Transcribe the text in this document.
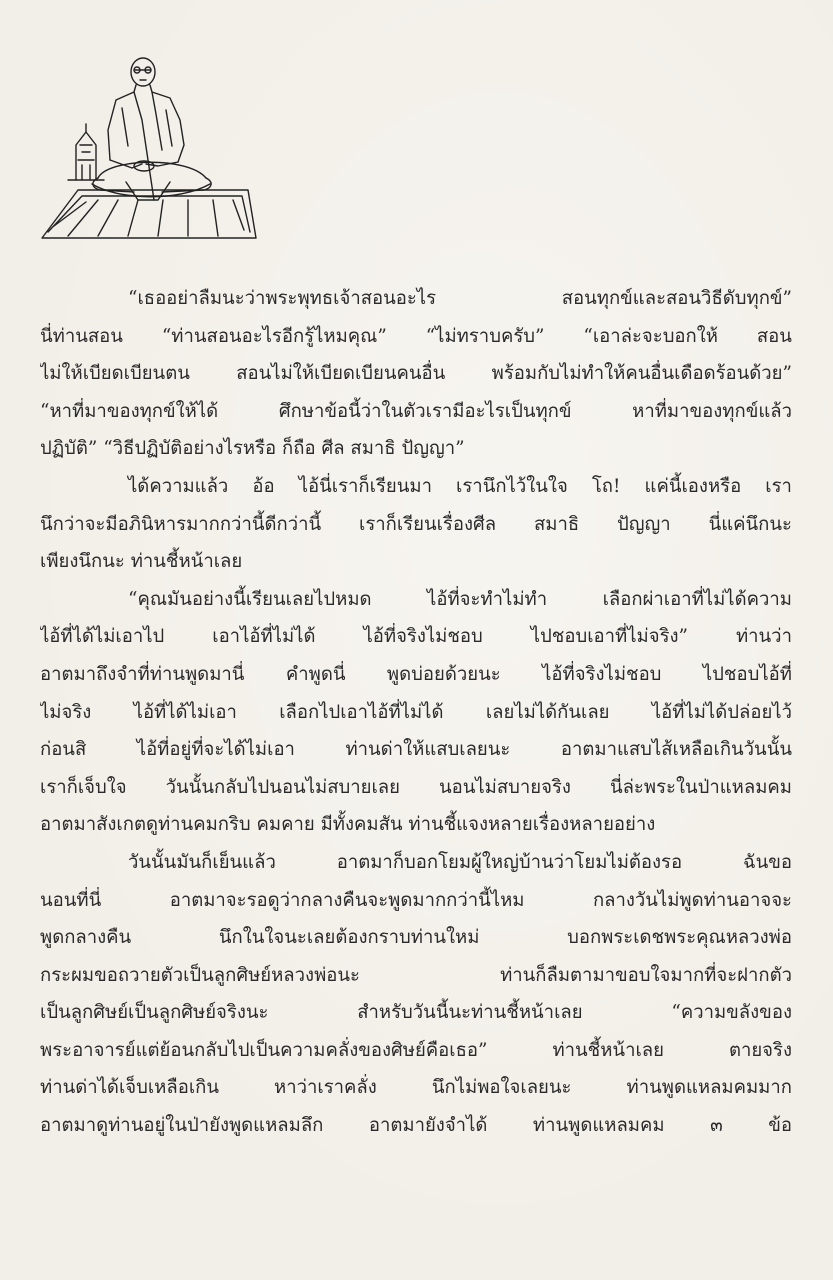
“เธออย่าลืมนะว่าพระพุทธเจ้าสอนอะไร	สอนทุกข์และสอนวิธีดับทุกข์”
นี่ท่านสอน “ท่านสอนอะไรอีกรู้ไหมคุณ” “ไม่ทราบครับ” “เอาล่ะจะบอกให้ สอน
ไม่ให้เบียดเบียนตน	สอนไม่ให้เบียดเบียนคนอื่น	พร้อมกับไม่ทำให้คนอื่นเดือดร้อนด้วย”
“หาที่มาของทุกข์ให้ได้	ศึกษาข้อนี้ว่าในตัวเรามีอะไรเป็นทุกข์	หาที่มาของทุกข์แล้ว
ปฏิบัติ” “วิธีปฏิบัติอย่างไรหรือ ก็ถือ ศีล สมาธิ ปัญญา”
ได้ความแล้ว อ้อ ไอ้นี่เราก็เรียนมา เรานึกไว้ในใจ โถ! แค่นี้เองหรือ เรา
นึกว่าจะมีอภินิหารมากกว่านี้ดีกว่านี้ เราก็เรียนเรื่องศีล สมาธิ ปัญญา นี่แค่นึกนะ
เพียงนึกนะ ท่านชี้หน้าเลย
“คุณมันอย่างนี้เรียนเลยไปหมด	ไอ้ที่จะทำไม่ทำ	เลือกผ่าเอาที่ไม่ได้ความ
ไอ้ที่ได้ไม่เอาไป	เอาไอ้ที่ไม่ได้	ไอ้ที่จริงไม่ชอบ	ไปชอบเอาที่ไม่จริง”	ท่านว่า
อาตมาถึงจำที่ท่านพูดมานี่ คำพูดนี่ พูดบ่อยด้วยนะ ไอ้ที่จริงไม่ชอบ ไปชอบไอ้ที่
ไม่จริง ไอ้ที่ได้ไม่เอา เลือกไปเอาไอ้ที่ไม่ได้ เลยไม่ได้กันเลย ไอ้ที่ไม่ได้ปล่อยไว้
ก่อนสิ	ไอ้ที่อยู่ที่จะได้ไม่เอา	ท่านด่าให้แสบเลยนะ	อาตมาแสบไส้เหลือเกินวันนั้น
เราก็เจ็บใจ วันนั้นกลับไปนอนไม่สบายเลย นอนไม่สบายจริง นี่ล่ะพระในป่าแหลมคม
อาตมาสังเกตดูท่านคมกริบ คมคาย มีทั้งคมสัน ท่านชี้แจงหลายเรื่องหลายอย่าง
วันนั้นมันก็เย็นแล้ว	อาตมาก็บอกโยมผู้ใหญ่บ้านว่าโยมไม่ต้องรอ	ฉันขอ
นอนที่นี่	อาตมาจะรอดูว่ากลางคืนจะพูดมากกว่านี้ไหม	กลางวันไม่พูดท่านอาจจะ
พูดกลางคืน	นึกในใจนะเลยต้องกราบท่านใหม่	บอกพระเดชพระคุณหลวงพ่อ
กระผมขอถวายตัวเป็นลูกศิษย์หลวงพ่อนะ	ท่านก็ลืมตามาขอบใจมากที่จะฝากตัว
เป็นลูกศิษย์เป็นลูกศิษย์จริงนะ	สำหรับวันนี้นะท่านชี้หน้าเลย	“ความขลังของ
พระอาจารย์แต่ย้อนกลับไปเป็นความคลั่งของศิษย์คือเธอ”	ท่านชี้หน้าเลย	ตายจริง
ท่านด่าได้เจ็บเหลือเกิน	หาว่าเราคลั่ง	นึกไม่พอใจเลยนะ	ท่านพูดแหลมคมมาก
อาตมาดูท่านอยู่ในป่ายังพูดแหลมลึก อาตมายังจำได้ ท่านพูดแหลมคม ๓ ข้อ
